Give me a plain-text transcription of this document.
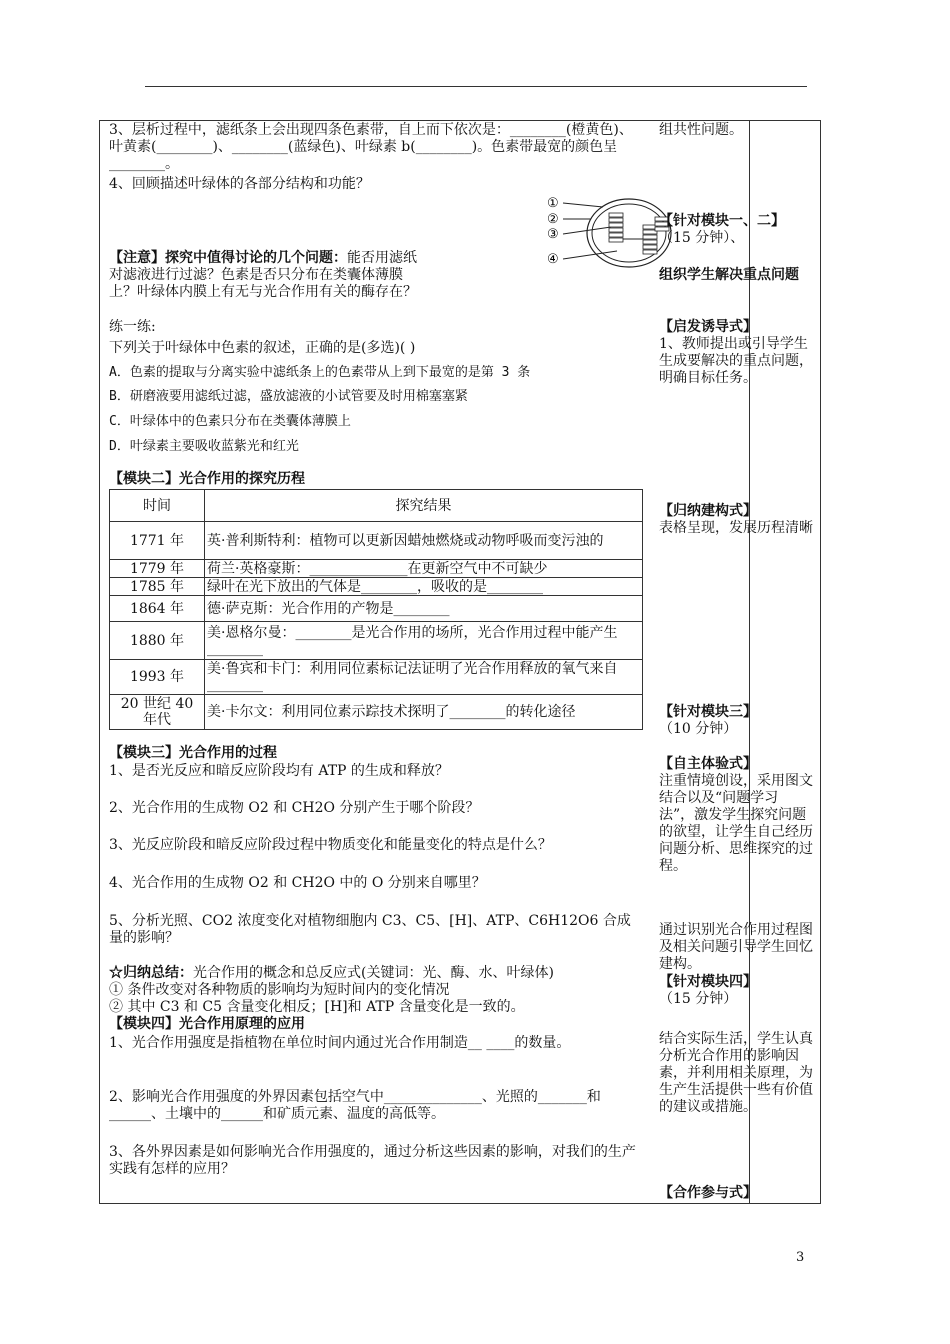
3、层析过程中，滤纸条上会出现四条色素带，自上而下依次是：________(橙黄色)、叶黄素(________)、________(蓝绿色)、叶绿素 b(________)。色素带最宽的颜色呈________。
4、回顾描述叶绿体的各部分结构和功能？
①
②
③
④
【注意】探究中值得讨论的几个问题：能否用滤纸对滤液进行过滤？色素是否只分布在类囊体薄膜上？叶绿体内膜上有无与光合作用有关的酶存在？
练一练:
下列关于叶绿体中色素的叙述，正确的是(多选)( )
A．色素的提取与分离实验中滤纸条上的色素带从上到下最宽的是第 3 条
B．研磨液要用滤纸过滤，盛放滤液的小试管要及时用棉塞塞紧
C．叶绿体中的色素只分布在类囊体薄膜上
D．叶绿素主要吸收蓝紫光和红光
【模块二】光合作用的探究历程
时间	探究结果
1771 年	英·普利斯特利：植物可以更新因蜡烛燃烧或动物呼吸而变污浊的
1779 年	荷兰·英格豪斯：______________在更新空气中不可缺少
1785 年	绿叶在光下放出的气体是________，吸收的是________
1864 年	德·萨克斯：光合作用的产物是________
1880 年	美·恩格尔曼：________是光合作用的场所，光合作用过程中能产生________
1993 年	美·鲁宾和卡门：利用同位素标记法证明了光合作用释放的氧气来自________
20 世纪 40 年代	美·卡尔文：利用同位素示踪技术探明了________的转化途径
【模块三】光合作用的过程
1、是否光反应和暗反应阶段均有 ATP 的生成和释放？
2、光合作用的生成物 O2 和 CH2O 分别产生于哪个阶段？
3、光反应阶段和暗反应阶段过程中物质变化和能量变化的特点是什么？
4、光合作用的生成物 O2 和 CH2O 中的 O 分别来自哪里？
5、分析光照、CO2 浓度变化对植物细胞内 C3、C5、[H]、ATP、C6H12O6 合成量的影响？
☆归纳总结：光合作用的概念和总反应式(关键词：光、酶、水、叶绿体)
① 条件改变对各种物质的影响均为短时间内的变化情况
② 其中 C3 和 C5 含量变化相反；[H]和 ATP 含量变化是一致的。
【模块四】光合作用原理的应用
1、光合作用强度是指植物在单位时间内通过光合作用制造__ ____的数量。
2、影响光合作用强度的外界因素包括空气中______________、光照的_______和______、土壤中的______和矿质元素、温度的高低等。
3、各外界因素是如何影响光合作用强度的，通过分析这些因素的影响，对我们的生产实践有怎样的应用？
组共性问题。
【针对模块一、二】
（15 分钟）、
组织学生解决重点问题
【启发诱导式】
1、教师提出或引导学生生成要解决的重点问题，明确目标任务。
【归纳建构式】
表格呈现，发展历程清晰
【针对模块三】
（10 分钟）
【自主体验式】
注重情境创设，采用图文结合以及“问题学习法”，激发学生探究问题的欲望，让学生自己经历问题分析、思维探究的过程。
通过识别光合作用过程图及相关问题引导学生回忆建构。
【针对模块四】
（15 分钟）
结合实际生活，学生认真分析光合作用的影响因素，并利用相关原理，为生产生活提供一些有价值的建议或措施。
【合作参与式】
3
